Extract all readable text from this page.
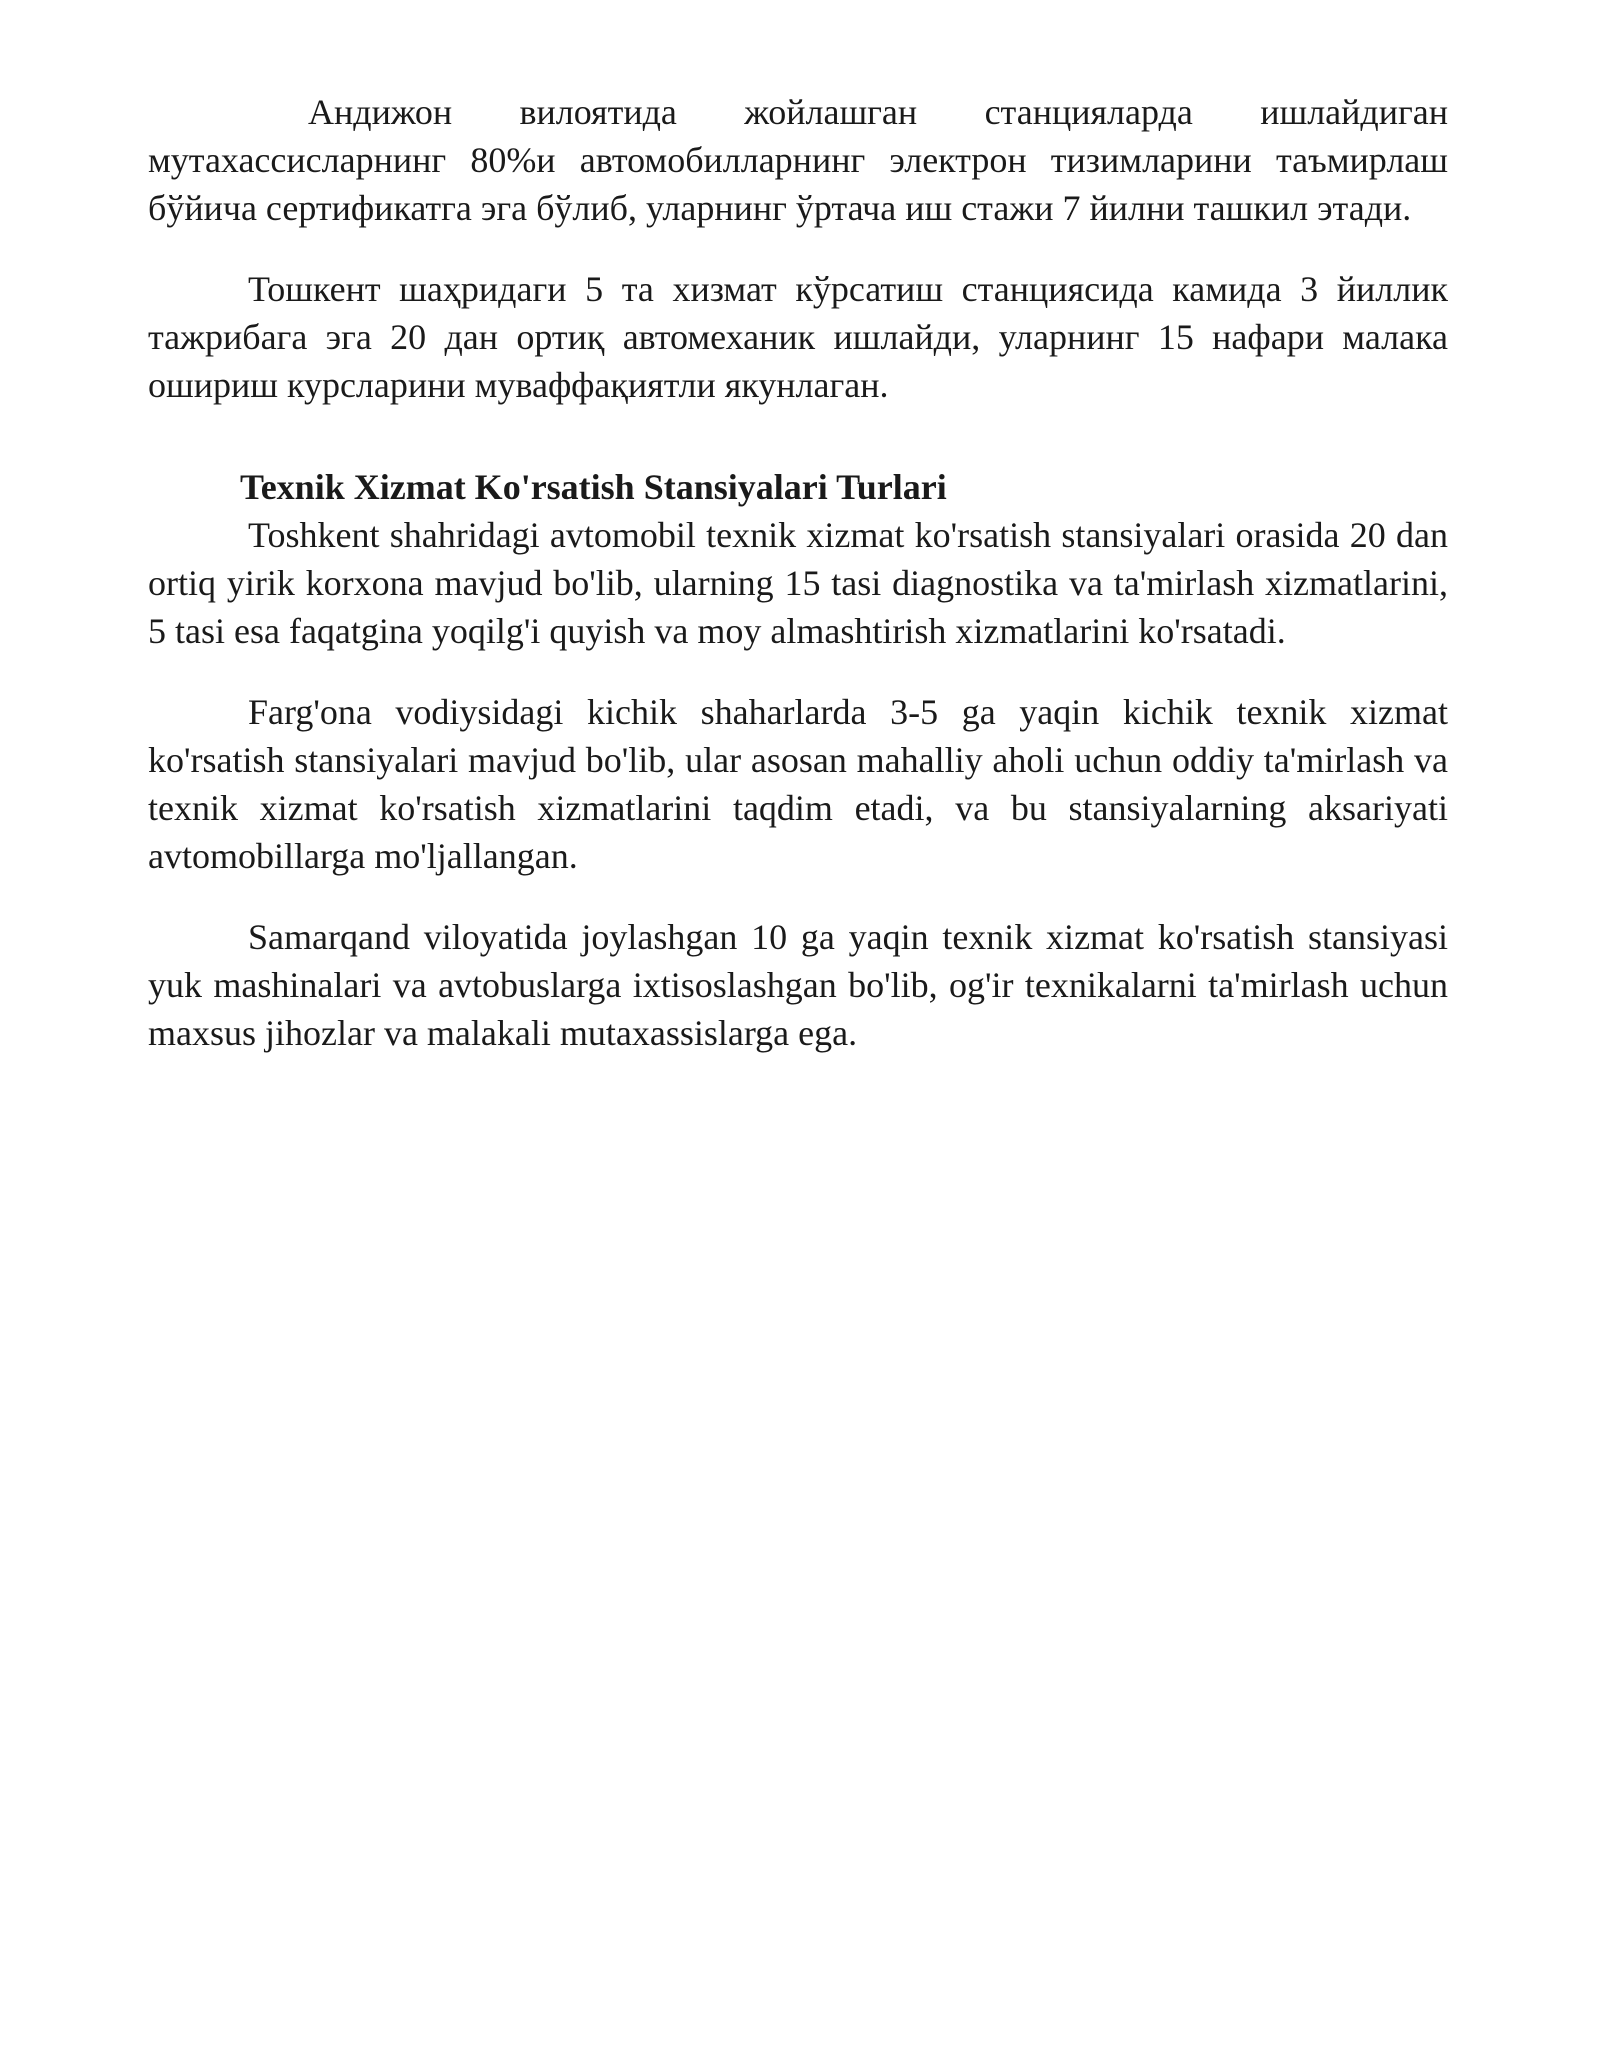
Андижон вилоятида жойлашган станцияларда ишлайдиган мутахассисларнинг 80%и автомобилларнинг электрон тизимларини таъмирлаш бўйича сертификатга эга бўлиб, уларнинг ўртача иш стажи 7 йилни ташкил этади.

Тошкент шаҳридаги 5 та хизмат кўрсатиш станциясида камида 3 йиллик тажрибага эга 20 дан ортиқ автомеханик ишлайди, уларнинг 15 нафари малака ошириш курсларини муваффақиятли якунлаган.

Texnik Xizmat Ko'rsatish Stansiyalari Turlari

Toshkent shahridagi avtomobil texnik xizmat ko'rsatish stansiyalari orasida 20 dan ortiq yirik korxona mavjud bo'lib, ularning 15 tasi diagnostika va ta'mirlash xizmatlarini, 5 tasi esa faqatgina yoqilg'i quyish va moy almashtirish xizmatlarini ko'rsatadi.

Farg'ona vodiysidagi kichik shaharlarda 3-5 ga yaqin kichik texnik xizmat ko'rsatish stansiyalari mavjud bo'lib, ular asosan mahalliy aholi uchun oddiy ta'mirlash va texnik xizmat ko'rsatish xizmatlarini taqdim etadi, va bu stansiyalarning aksariyati avtomobillarga mo'ljallangan.

Samarqand viloyatida joylashgan 10 ga yaqin texnik xizmat ko'rsatish stansiyasi yuk mashinalari va avtobuslarga ixtisoslashgan bo'lib, og'ir texnikalarni ta'mirlash uchun maxsus jihozlar va malakali mutaxassislarga ega.
